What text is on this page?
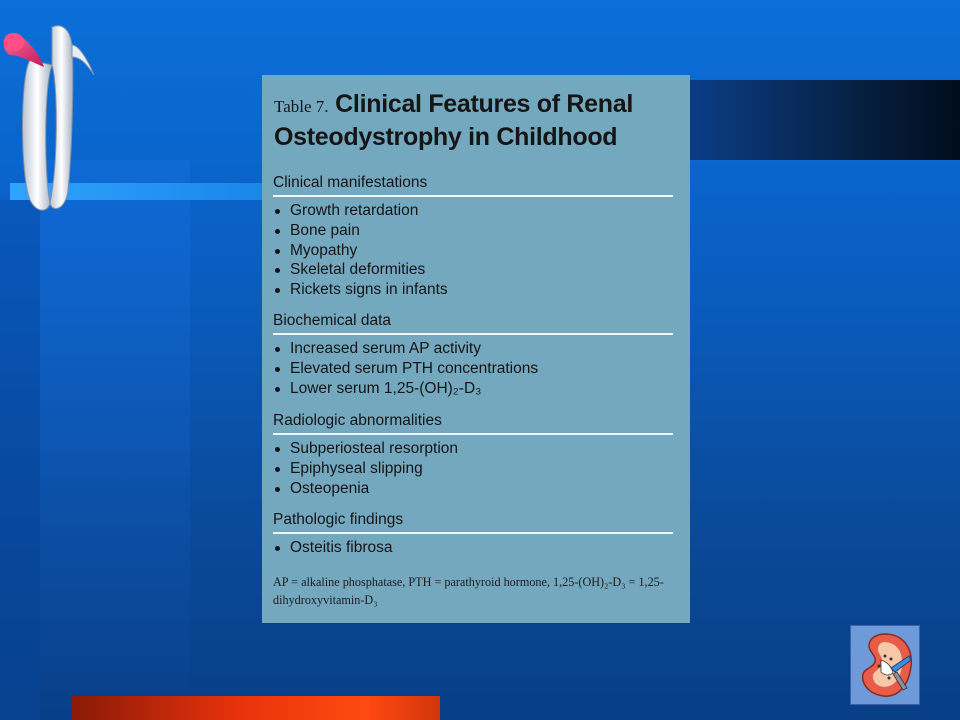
Table 7. Clinical Features of Renal Osteodystrophy in Childhood
Clinical manifestations
Growth retardation
Bone pain
Myopathy
Skeletal deformities
Rickets signs in infants
Biochemical data
Increased serum AP activity
Elevated serum PTH concentrations
Lower serum 1,25-(OH)₂-D₃
Radiologic abnormalities
Subperiosteal resorption
Epiphyseal slipping
Osteopenia
Pathologic findings
Osteitis fibrosa
AP = alkaline phosphatase, PTH = parathyroid hormone, 1,25-(OH)₂-D₃ = 1,25-dihydroxyvitamin-D₃
